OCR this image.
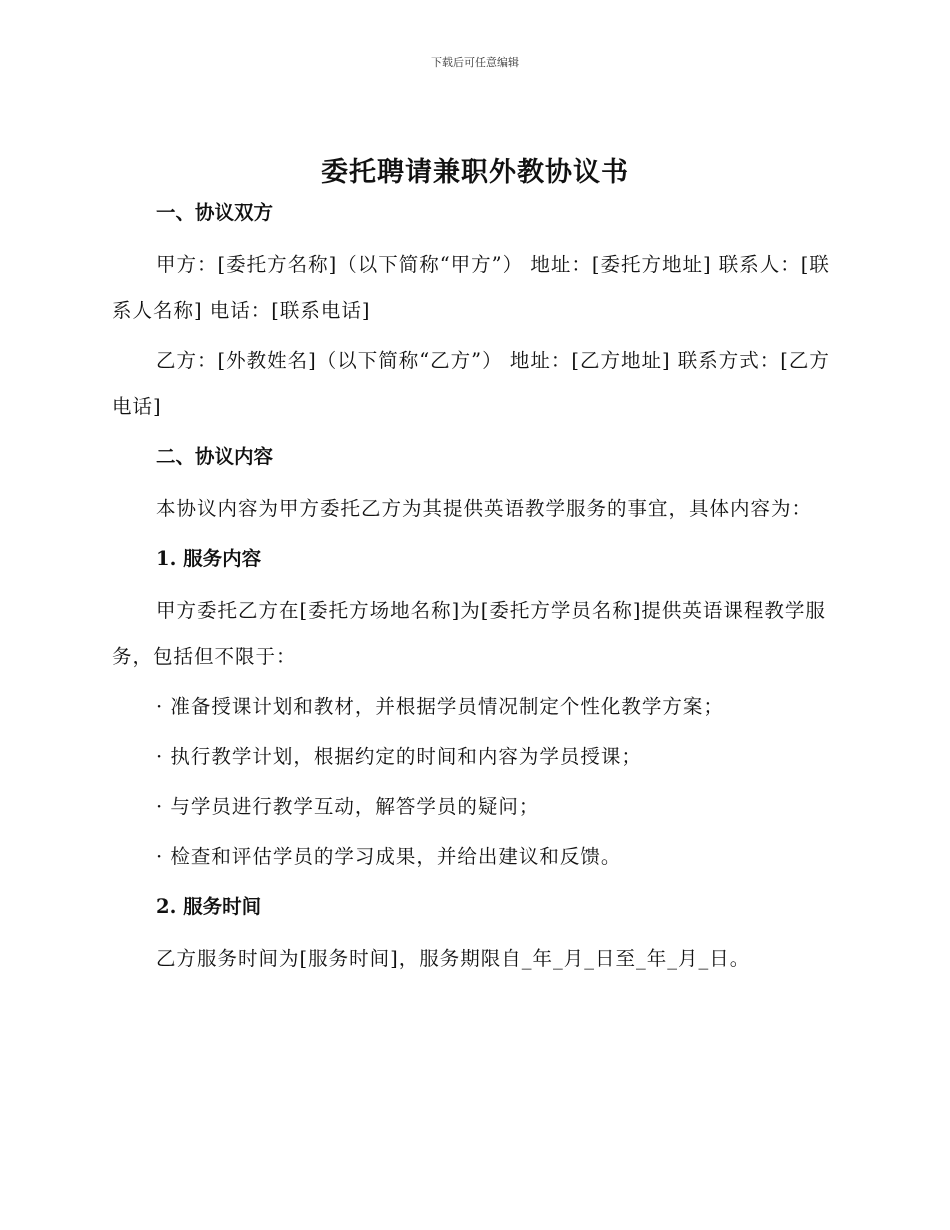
下载后可任意编辑
委托聘请兼职外教协议书
一、协议双方

甲方：[委托方名称]（以下简称“甲方”） 地址：[委托方地址] 联系人：[联系人名称] 电话：[联系电话]

乙方：[外教姓名]（以下简称“乙方”） 地址：[乙方地址] 联系方式：[乙方电话]

二、协议内容

本协议内容为甲方委托乙方为其提供英语教学服务的事宜，具体内容为：

1. 服务内容

甲方委托乙方在[委托方场地名称]为[委托方学员名称]提供英语课程教学服务，包括但不限于：

· 准备授课计划和教材，并根据学员情况制定个性化教学方案；

· 执行教学计划，根据约定的时间和内容为学员授课；

· 与学员进行教学互动，解答学员的疑问；

· 检查和评估学员的学习成果，并给出建议和反馈。

2. 服务时间

乙方服务时间为[服务时间]，服务期限自_年_月_日至_年_月_日。
